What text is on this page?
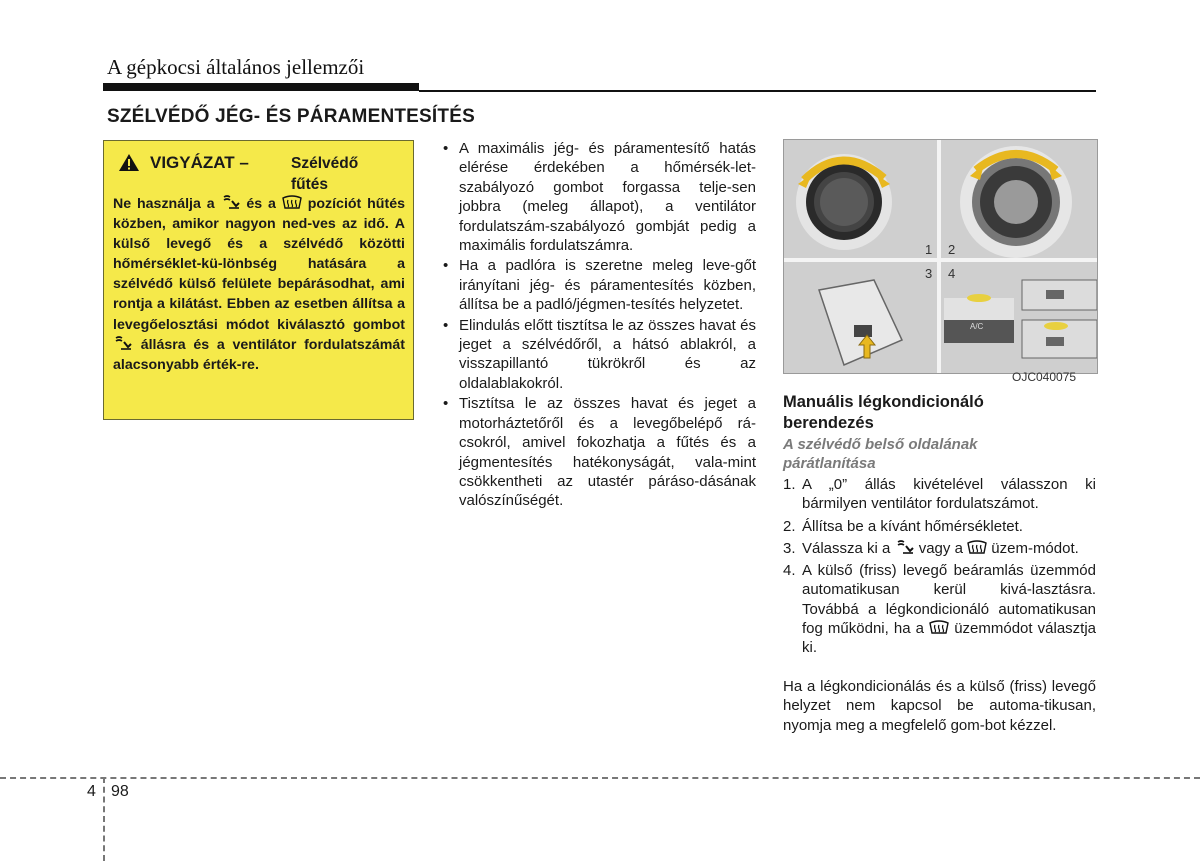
A gépkocsi általános jellemzői
SZÉLVÉDŐ JÉG- ÉS PÁRAMENTESÍTÉS
VIGYÁZAT –	Szélvédő
fűtés
Ne használja a és a pozíciót hűtés közben, amikor nagyon ned-ves az idő. A külső levegő és a szélvédő közötti hőmérséklet-kü-lönbség hatására a szélvédő külső felülete bepárásodhat, ami rontja a kilátást. Ebben az esetben állítsa a levegőelosztási módot kiválasztó gombot  állásra és a ventilátor fordulatszámát alacsonyabb érték-re.
• A maximális jég- és páramentesítő hatás elérése érdekében a hőmérsék-let-szabályozó gombot forgassa telje-sen jobbra (meleg állapot), a ventilátor fordulatszám-szabályozó gombját pedig a maximális fordulatszámra.
• Ha a padlóra is szeretne meleg leve-gőt irányítani jég- és páramentesítés közben, állítsa be a padló/jégmen-tesítés helyzetet.
• Elindulás előtt tisztítsa le az összes havat és jeget a szélvédőről, a hátsó ablakról, a visszapillantó tükrökről és az oldalablakokról.
• Tisztítsa le az összes havat és jeget a motorháztetőről és a levegőbelépő rá-csokról, amivel fokozhatja a fűtés és a jégmentesítés hatékonyságát, vala-mint csökkentheti az utastér páráso-dásának valószínűségét.
1 2
3 4
A/C
OJC040075
Manuális légkondicionáló
berendezés
A szélvédő belső oldalának
párátlanítása
1. A „0” állás kivételével válasszon ki bármilyen ventilátor fordulatszámot.
2. Állítsa be a kívánt hőmérsékletet.
3. Válassza ki a vagy a üzem-módot.
4. A külső (friss) levegő beáramlás üzemmód automatikusan kerül kivá-lasztásra. Továbbá a légkondicionáló automatikusan fog működni, ha a üzemmódot választja ki.
Ha a légkondicionálás és a külső (friss) levegő helyzet nem kapcsol be automa-tikusan, nyomja meg a megfelelő gom-bot kézzel.
4 98
